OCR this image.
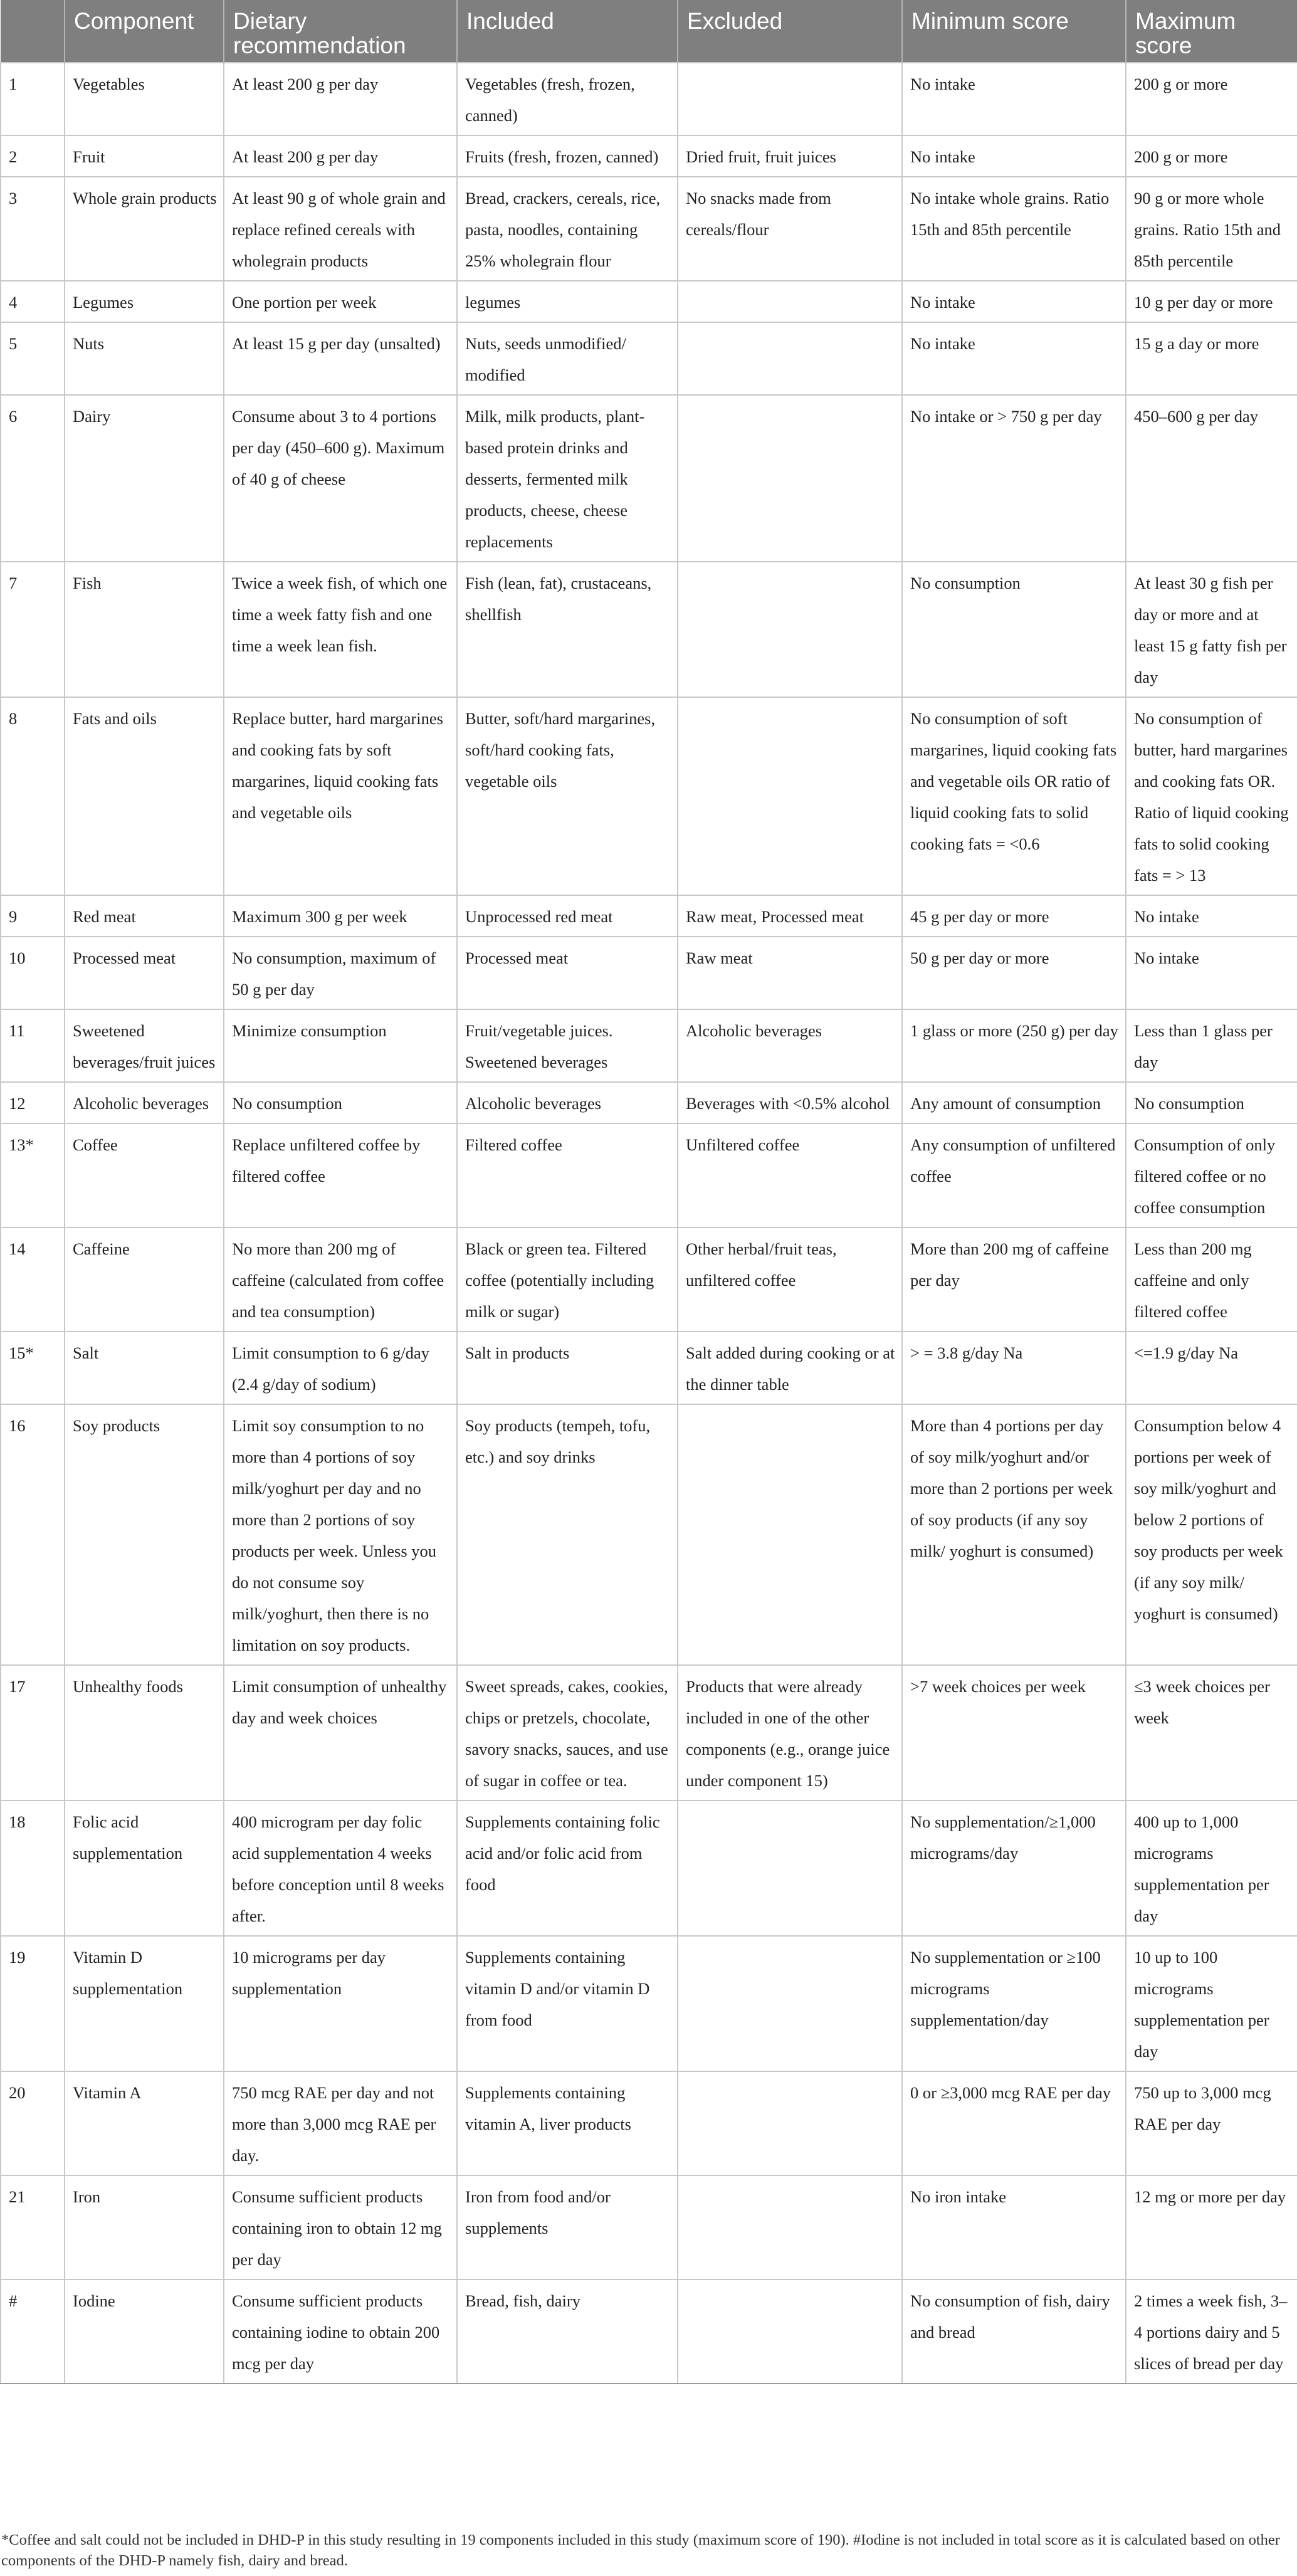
	Component	Dietary recommendation	Included	Excluded	Minimum score	Maximum score
1	Vegetables	At least 200 g per day	Vegetables (fresh, frozen, canned)		No intake	200 g or more
2	Fruit	At least 200 g per day	Fruits (fresh, frozen, canned)	Dried fruit, fruit juices	No intake	200 g or more
3	Whole grain products	At least 90 g of whole grain and replace refined cereals with wholegrain products	Bread, crackers, cereals, rice, pasta, noodles, containing 25% wholegrain flour	No snacks made from cereals/flour	No intake whole grains. Ratio 15th and 85th percentile	90 g or more whole grains. Ratio 15th and 85th percentile
4	Legumes	One portion per week	legumes		No intake	10 g per day or more
5	Nuts	At least 15 g per day (unsalted)	Nuts, seeds unmodified/ modified		No intake	15 g a day or more
6	Dairy	Consume about 3 to 4 portions per day (450–600 g). Maximum of 40 g of cheese	Milk, milk products, plant-based protein drinks and desserts, fermented milk products, cheese, cheese replacements		No intake or > 750 g per day	450–600 g per day
7	Fish	Twice a week fish, of which one time a week fatty fish and one time a week lean fish.	Fish (lean, fat), crustaceans, shellfish		No consumption	At least 30 g fish per day or more and at least 15 g fatty fish per day
8	Fats and oils	Replace butter, hard margarines and cooking fats by soft margarines, liquid cooking fats and vegetable oils	Butter, soft/hard margarines, soft/hard cooking fats, vegetable oils		No consumption of soft margarines, liquid cooking fats and vegetable oils OR ratio of liquid cooking fats to solid cooking fats = <0.6	No consumption of butter, hard margarines and cooking fats OR. Ratio of liquid cooking fats to solid cooking fats = > 13
9	Red meat	Maximum 300 g per week	Unprocessed red meat	Raw meat, Processed meat	45 g per day or more	No intake
10	Processed meat	No consumption, maximum of 50 g per day	Processed meat	Raw meat	50 g per day or more	No intake
11	Sweetened beverages/fruit juices	Minimize consumption	Fruit/vegetable juices. Sweetened beverages	Alcoholic beverages	1 glass or more (250 g) per day	Less than 1 glass per day
12	Alcoholic beverages	No consumption	Alcoholic beverages	Beverages with <0.5% alcohol	Any amount of consumption	No consumption
13*	Coffee	Replace unfiltered coffee by filtered coffee	Filtered coffee	Unfiltered coffee	Any consumption of unfiltered coffee	Consumption of only filtered coffee or no coffee consumption
14	Caffeine	No more than 200 mg of caffeine (calculated from coffee and tea consumption)	Black or green tea. Filtered coffee (potentially including milk or sugar)	Other herbal/fruit teas, unfiltered coffee	More than 200 mg of caffeine per day	Less than 200 mg caffeine and only filtered coffee
15*	Salt	Limit consumption to 6 g/day (2.4 g/day of sodium)	Salt in products	Salt added during cooking or at the dinner table	> = 3.8 g/day Na	<=1.9 g/day Na
16	Soy products	Limit soy consumption to no more than 4 portions of soy milk/yoghurt per day and no more than 2 portions of soy products per week. Unless you do not consume soy milk/yoghurt, then there is no limitation on soy products.	Soy products (tempeh, tofu, etc.) and soy drinks		More than 4 portions per day of soy milk/yoghurt and/or more than 2 portions per week of soy products (if any soy milk/ yoghurt is consumed)	Consumption below 4 portions per week of soy milk/yoghurt and below 2 portions of soy products per week (if any soy milk/ yoghurt is consumed)
17	Unhealthy foods	Limit consumption of unhealthy day and week choices	Sweet spreads, cakes, cookies, chips or pretzels, chocolate, savory snacks, sauces, and use of sugar in coffee or tea.	Products that were already included in one of the other components (e.g., orange juice under component 15)	>7 week choices per week	≤3 week choices per week
18	Folic acid supplementation	400 microgram per day folic acid supplementation 4 weeks before conception until 8 weeks after.	Supplements containing folic acid and/or folic acid from food		No supplementation/≥1,000 micrograms/day	400 up to 1,000 micrograms supplementation per day
19	Vitamin D supplementation	10 micrograms per day supplementation	Supplements containing vitamin D and/or vitamin D from food		No supplementation or ≥100 micrograms supplementation/day	10 up to 100 micrograms supplementation per day
20	Vitamin A	750 mcg RAE per day and not more than 3,000 mcg RAE per day.	Supplements containing vitamin A, liver products		0 or ≥3,000 mcg RAE per day	750 up to 3,000 mcg RAE per day
21	Iron	Consume sufficient products containing iron to obtain 12 mg per day	Iron from food and/or supplements		No iron intake	12 mg or more per day
#	Iodine	Consume sufficient products containing iodine to obtain 200 mcg per day	Bread, fish, dairy		No consumption of fish, dairy and bread	2 times a week fish, 3–4 portions dairy and 5 slices of bread per day
*Coffee and salt could not be included in DHD-P in this study resulting in 19 components included in this study (maximum score of 190). #Iodine is not included in total score as it is calculated based on other components of the DHD-P namely fish, dairy and bread.
